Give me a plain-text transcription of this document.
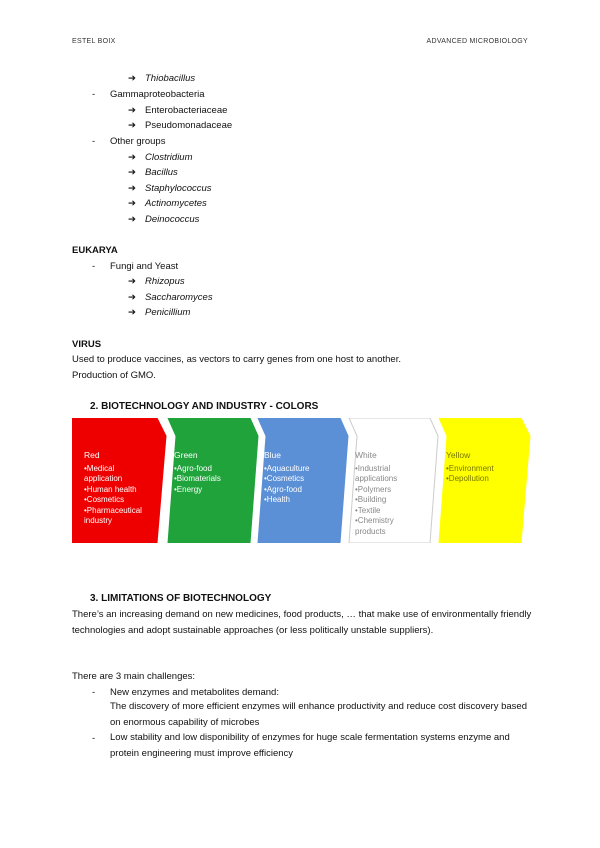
ESTEL BOIX	ADVANCED MICROBIOLOGY
➔ Thiobacillus
- Gammaproteobacteria
➔ Enterobacteriaceae
➔ Pseudomonadaceae
- Other groups
➔ Clostridium
➔ Bacillus
➔ Staphylococcus
➔ Actinomycetes
➔ Deinococcus
EUKARYA
- Fungi and Yeast
➔ Rhizopus
➔ Saccharomyces
➔ Penicillium
VIRUS
Used to produce vaccines, as vectors to carry genes from one host to another.
Production of GMO.
2. BIOTECHNOLOGY AND INDUSTRY - COLORS
Red
•Medical application
•Human health
•Cosmetics
•Pharmaceutical industry
Green
•Agro-food
•Biomaterials
•Energy
Blue
•Aquaculture
•Cosmetics
•Agro-food
•Health
White
•Industrial applications
•Polymers
•Building
•Textile
•Chemistry products
Yellow
•Environment
•Depollution
3. LIMITATIONS OF BIOTECHNOLOGY
There’s an increasing demand on new medicines, food products, … that make use of environmentally friendly technologies and adopt sustainable approaches (or less politically unstable suppliers).
There are 3 main challenges:
- New enzymes and metabolites demand:
The discovery of more efficient enzymes will enhance productivity and reduce cost discovery based on enormous capability of microbes
- Low stability and low disponibility of enzymes for huge scale fermentation systems enzyme and protein engineering must improve efficiency
